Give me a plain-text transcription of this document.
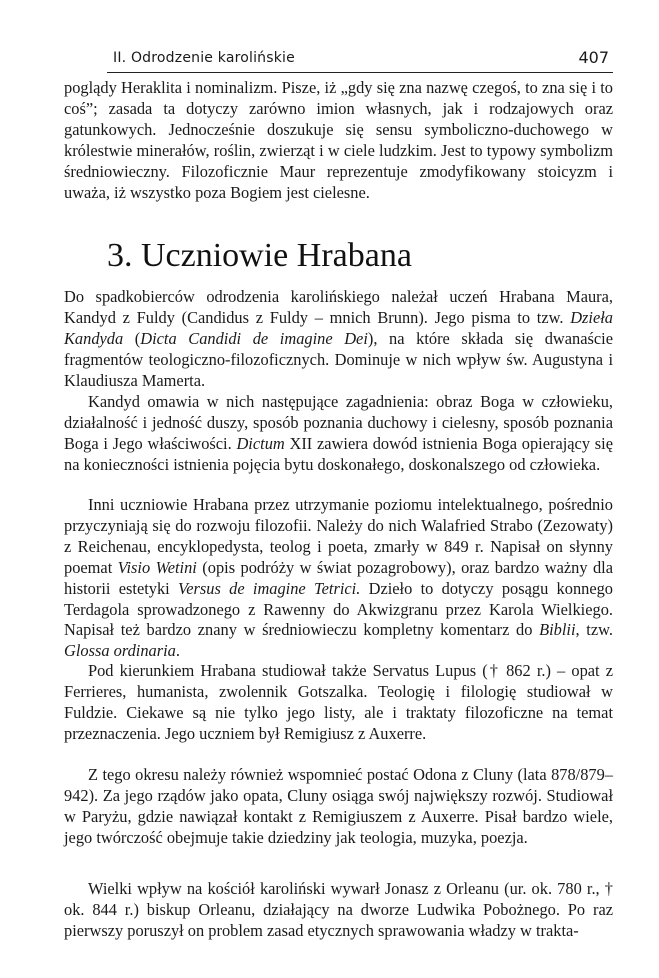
II. Odrodzenie karolińskie	407
poglądy Heraklita i nominalizm. Pisze, iż „gdy się zna nazwę czegoś, to zna się i to coś”; zasada ta dotyczy zarówno imion własnych, jak i rodzajowych oraz gatunkowych. Jednocześnie doszukuje się sensu symboliczno-duchowego w królestwie minerałów, roślin, zwierząt i w ciele ludzkim. Jest to typowy symbolizm średniowieczny. Filozoficznie Maur reprezentuje zmodyfikowany stoicyzm i uważa, iż wszystko poza Bogiem jest cielesne.
3. Uczniowie Hrabana
Do spadkobierców odrodzenia karolińskiego należał uczeń Hrabana Maura, Kandyd z Fuldy (Candidus z Fuldy – mnich Brunn). Jego pisma to tzw. Dzieła Kandyda (Dicta Candidi de imagine Dei), na które składa się dwanaście fragmentów teologiczno-filozoficznych. Dominuje w nich wpływ św. Augustyna i Klaudiusza Mamerta.
Kandyd omawia w nich następujące zagadnienia: obraz Boga w człowieku, działalność i jedność duszy, sposób poznania duchowy i cielesny, sposób poznania Boga i Jego właściwości. Dictum XII zawiera dowód istnienia Boga opierający się na konieczności istnienia pojęcia bytu doskonałego, doskonalszego od człowieka.
Inni uczniowie Hrabana przez utrzymanie poziomu intelektualnego, pośrednio przyczyniają się do rozwoju filozofii. Należy do nich Walafried Strabo (Zezowaty) z Reichenau, encyklopedysta, teolog i poeta, zmarły w 849 r. Napisał on słynny poemat Visio Wetini (opis podróży w świat pozagrobowy), oraz bardzo ważny dla historii estetyki Versus de imagine Tetrici. Dzieło to dotyczy posągu konnego Terdagola sprowadzonego z Rawenny do Akwizgranu przez Karola Wielkiego. Napisał też bardzo znany w średniowieczu kompletny komentarz do Biblii, tzw. Glossa ordinaria.
Pod kierunkiem Hrabana studiował także Servatus Lupus († 862 r.) – opat z Ferrieres, humanista, zwolennik Gotszalka. Teologię i filologię studiował w Fuldzie. Ciekawe są nie tylko jego listy, ale i traktaty filozoficzne na temat przeznaczenia. Jego uczniem był Remigiusz z Auxerre.
Z tego okresu należy również wspomnieć postać Odona z Cluny (lata 878/879–942). Za jego rządów jako opata, Cluny osiąga swój największy rozwój. Studiował w Paryżu, gdzie nawiązał kontakt z Remigiuszem z Auxerre. Pisał bardzo wiele, jego twórczość obejmuje takie dziedziny jak teologia, muzyka, poezja.
Wielki wpływ na kościół karoliński wywarł Jonasz z Orleanu (ur. ok. 780 r., † ok. 844 r.) biskup Orleanu, działający na dworze Ludwika Pobożnego. Po raz pierwszy poruszył on problem zasad etycznych sprawowania władzy w trakta-
